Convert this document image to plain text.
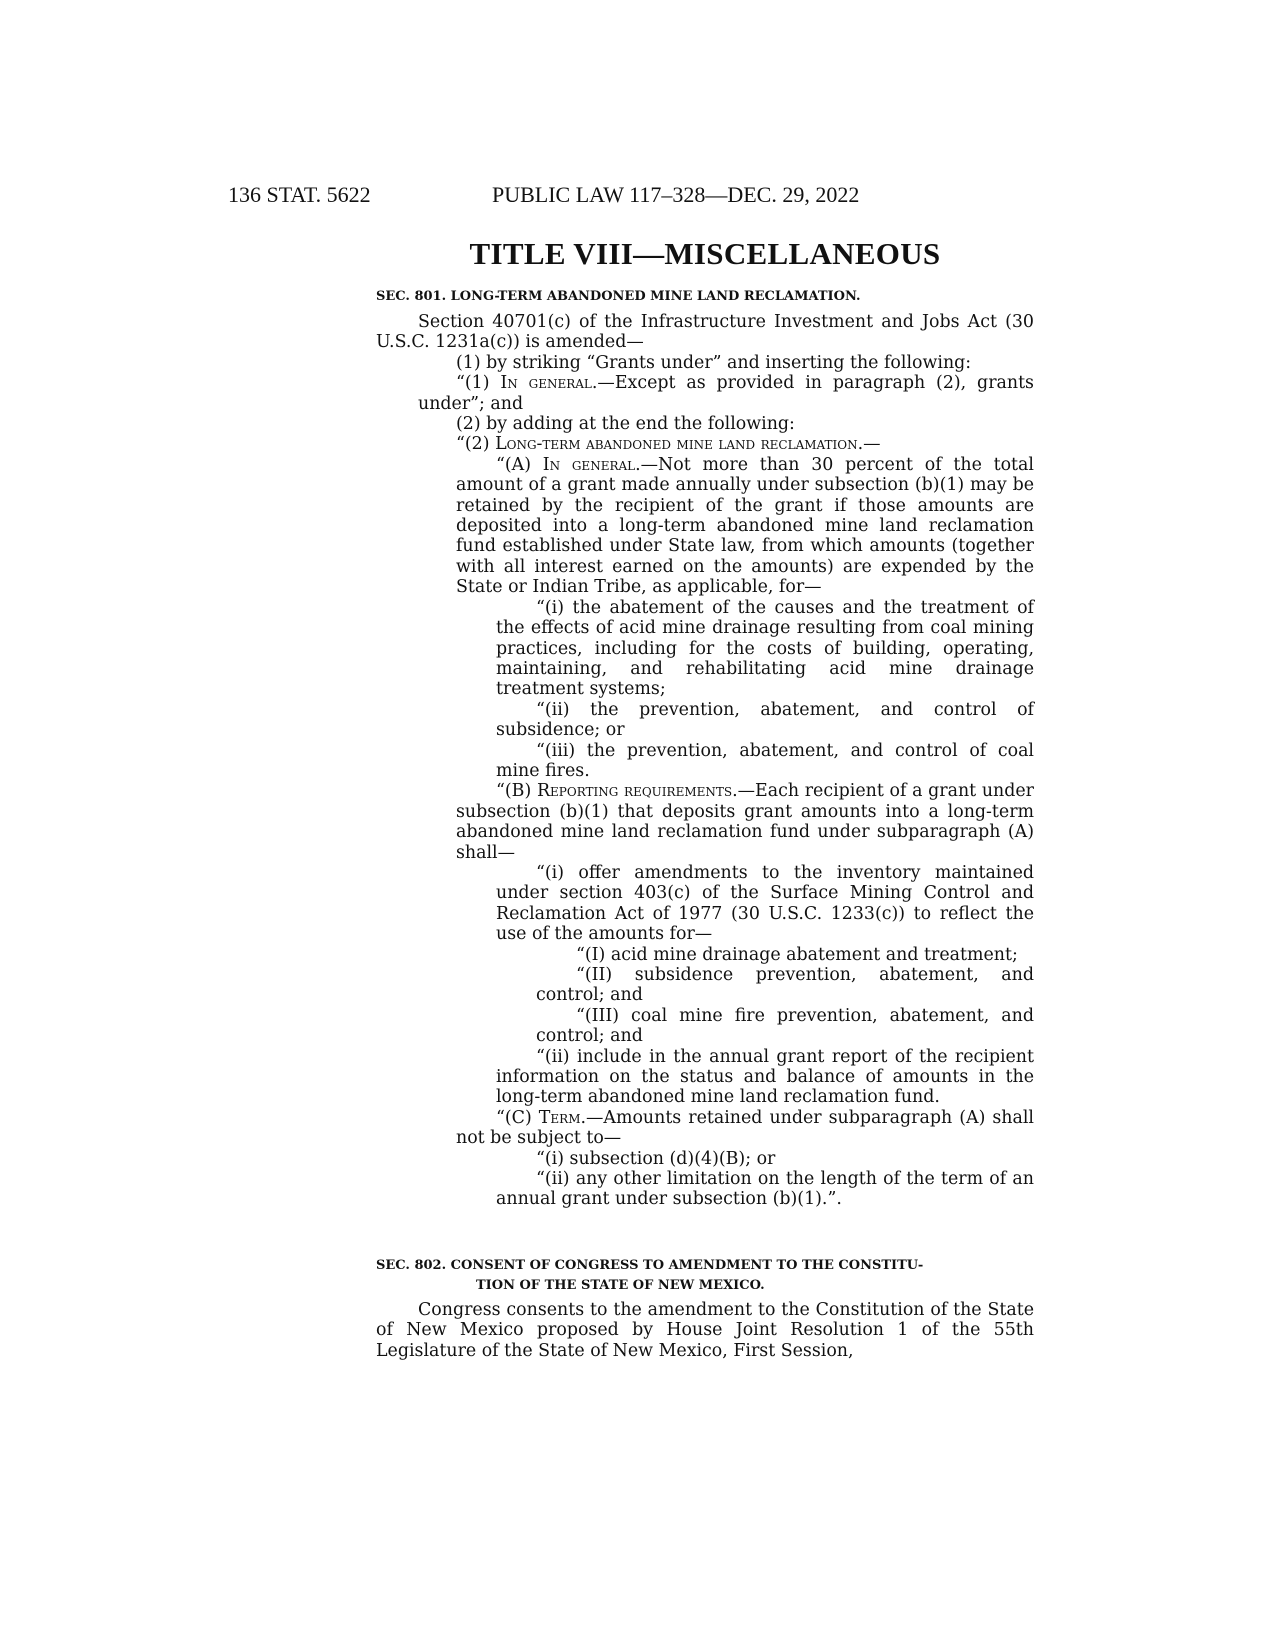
136 STAT. 5622	PUBLIC LAW 117–328—DEC. 29, 2022
TITLE VIII—MISCELLANEOUS
SEC. 801. LONG-TERM ABANDONED MINE LAND RECLAMATION.

Section 40701(c) of the Infrastructure Investment and Jobs Act (30 U.S.C. 1231a(c)) is amended—

(1) by striking “Grants under” and inserting the following:

“(1) In general.—Except as provided in paragraph (2), grants under”; and

(2) by adding at the end the following:

“(2) Long-term abandoned mine land reclamation.—

“(A) In general.—Not more than 30 percent of the total amount of a grant made annually under subsection (b)(1) may be retained by the recipient of the grant if those amounts are deposited into a long-term abandoned mine land reclamation fund established under State law, from which amounts (together with all interest earned on the amounts) are expended by the State or Indian Tribe, as applicable, for—

“(i) the abatement of the causes and the treatment of the effects of acid mine drainage resulting from coal mining practices, including for the costs of building, operating, maintaining, and rehabilitating acid mine drainage treatment systems;

“(ii) the prevention, abatement, and control of subsidence; or

“(iii) the prevention, abatement, and control of coal mine fires.

“(B) Reporting requirements.—Each recipient of a grant under subsection (b)(1) that deposits grant amounts into a long-term abandoned mine land reclamation fund under subparagraph (A) shall—

“(i) offer amendments to the inventory maintained under section 403(c) of the Surface Mining Control and Reclamation Act of 1977 (30 U.S.C. 1233(c)) to reflect the use of the amounts for—

“(I) acid mine drainage abatement and treatment;

“(II) subsidence prevention, abatement, and control; and

“(III) coal mine fire prevention, abatement, and control; and

“(ii) include in the annual grant report of the recipient information on the status and balance of amounts in the long-term abandoned mine land reclamation fund.

“(C) Term.—Amounts retained under subparagraph (A) shall not be subject to—

“(i) subsection (d)(4)(B); or

“(ii) any other limitation on the length of the term of an annual grant under subsection (b)(1).”.

SEC. 802. CONSENT OF CONGRESS TO AMENDMENT TO THE CONSTITU-
TION OF THE STATE OF NEW MEXICO.

Congress consents to the amendment to the Constitution of the State of New Mexico proposed by House Joint Resolution 1 of the 55th Legislature of the State of New Mexico, First Session,
